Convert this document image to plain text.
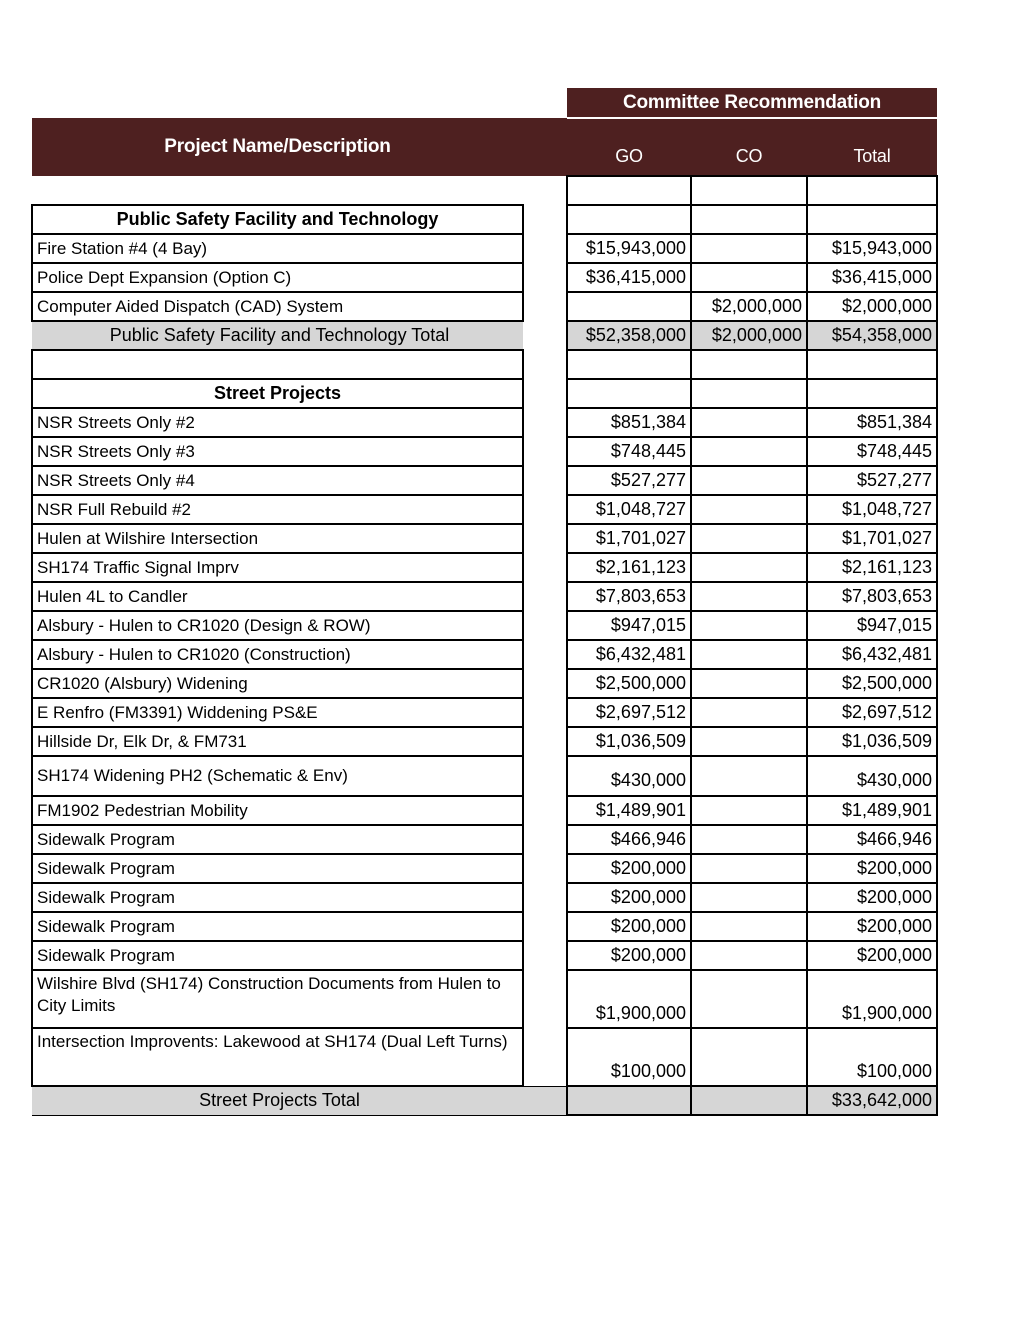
		Committee Recommendation		
Project Name/Description		GO	CO	Total

Public Safety Facility and Technology				
Fire Station #4 (4 Bay)		$15,943,000		$15,943,000
Police Dept Expansion (Option C)		$36,415,000		$36,415,000
Computer Aided Dispatch (CAD) System			$2,000,000	$2,000,000
Public Safety Facility and Technology Total		$52,358,000	$2,000,000	$54,358,000

Street Projects				
NSR Streets Only #2		$851,384		$851,384
NSR Streets Only #3		$748,445		$748,445
NSR Streets Only #4		$527,277		$527,277
NSR Full Rebuild #2		$1,048,727		$1,048,727
Hulen at Wilshire Intersection		$1,701,027		$1,701,027
SH174 Traffic Signal Imprv		$2,161,123		$2,161,123
Hulen 4L to Candler		$7,803,653		$7,803,653
Alsbury - Hulen to CR1020 (Design & ROW)		$947,015		$947,015
Alsbury - Hulen to CR1020 (Construction)		$6,432,481		$6,432,481
CR1020 (Alsbury) Widening		$2,500,000		$2,500,000
E Renfro (FM3391) Widdening PS&E		$2,697,512		$2,697,512
Hillside Dr, Elk Dr, & FM731		$1,036,509		$1,036,509
SH174 Widening PH2 (Schematic & Env)		$430,000		$430,000
FM1902 Pedestrian Mobility		$1,489,901		$1,489,901
Sidewalk Program		$466,946		$466,946
Sidewalk Program		$200,000		$200,000
Sidewalk Program		$200,000		$200,000
Sidewalk Program		$200,000		$200,000
Sidewalk Program		$200,000		$200,000
Wilshire Blvd (SH174) Construction Documents from Hulen to City Limits		$1,900,000		$1,900,000
Intersection Improvents: Lakewood at SH174 (Dual Left Turns)		$100,000		$100,000
Street Projects Total				$33,642,000
